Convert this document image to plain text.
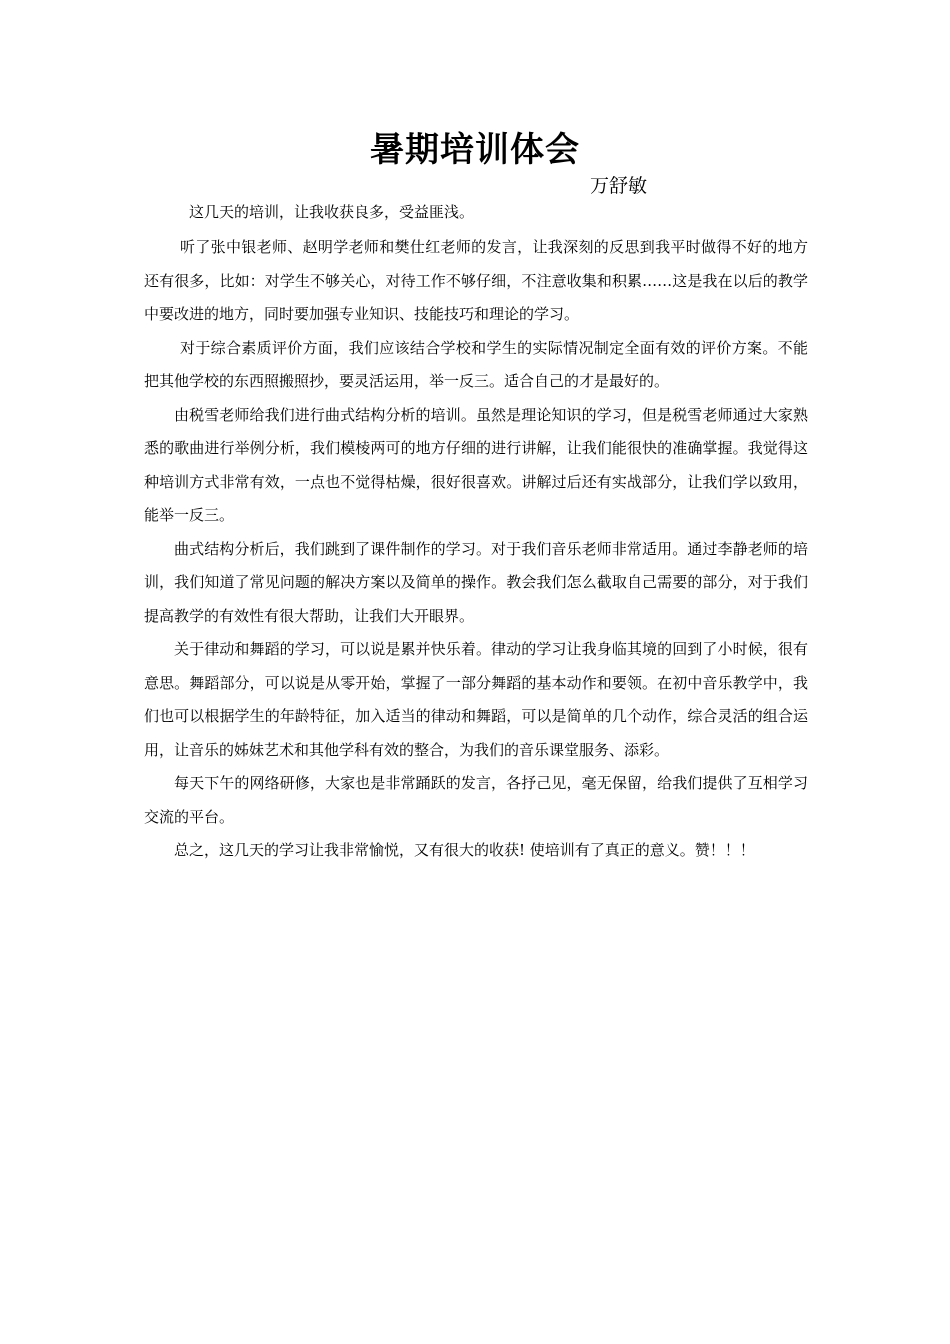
暑期培训体会
万舒敏

这几天的培训，让我收获良多，受益匪浅。

听了张中银老师、赵明学老师和樊仕红老师的发言，让我深刻的反思到我平时做得不好的地方还有很多，比如：对学生不够关心，对待工作不够仔细，不注意收集和积累……这是我在以后的教学中要改进的地方，同时要加强专业知识、技能技巧和理论的学习。

对于综合素质评价方面，我们应该结合学校和学生的实际情况制定全面有效的评价方案。不能把其他学校的东西照搬照抄，要灵活运用，举一反三。适合自己的才是最好的。

由税雪老师给我们进行曲式结构分析的培训。虽然是理论知识的学习，但是税雪老师通过大家熟悉的歌曲进行举例分析，我们模棱两可的地方仔细的进行讲解，让我们能很快的准确掌握。我觉得这种培训方式非常有效，一点也不觉得枯燥，很好很喜欢。讲解过后还有实战部分，让我们学以致用，能举一反三。

曲式结构分析后，我们跳到了课件制作的学习。对于我们音乐老师非常适用。通过李静老师的培训，我们知道了常见问题的解决方案以及简单的操作。教会我们怎么截取自己需要的部分，对于我们提高教学的有效性有很大帮助，让我们大开眼界。

关于律动和舞蹈的学习，可以说是累并快乐着。律动的学习让我身临其境的回到了小时候，很有意思。舞蹈部分，可以说是从零开始，掌握了一部分舞蹈的基本动作和要领。在初中音乐教学中，我们也可以根据学生的年龄特征，加入适当的律动和舞蹈，可以是简单的几个动作，综合灵活的组合运用，让音乐的姊妹艺术和其他学科有效的整合，为我们的音乐课堂服务、添彩。

每天下午的网络研修，大家也是非常踊跃的发言，各抒己见，毫无保留，给我们提供了互相学习交流的平台。

总之，这几天的学习让我非常愉悦，又有很大的收获! 使培训有了真正的意义。赞！！！
